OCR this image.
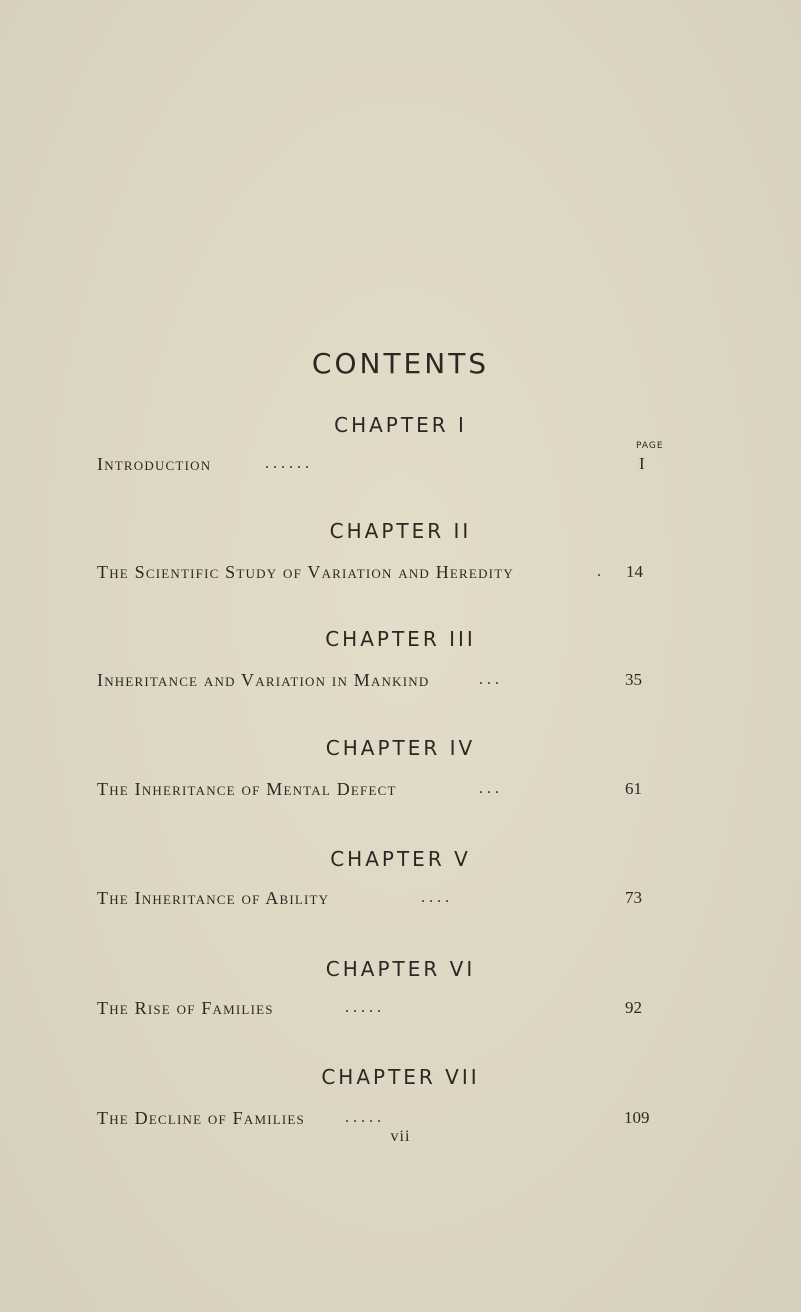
CONTENTS
PAGE
CHAPTER I
Introduction	. . . . . .	I
CHAPTER II
The Scientific Study of Variation and Heredity	. 14
CHAPTER III
Inheritance and Variation in Mankind	. . .	35
CHAPTER IV
The Inheritance of Mental Defect	. . .	61
CHAPTER V
The Inheritance of Ability	. . . .	73
CHAPTER VI
The Rise of Families	. . . . .	92
CHAPTER VII
The Decline of Families	. . . . .	109
vii
